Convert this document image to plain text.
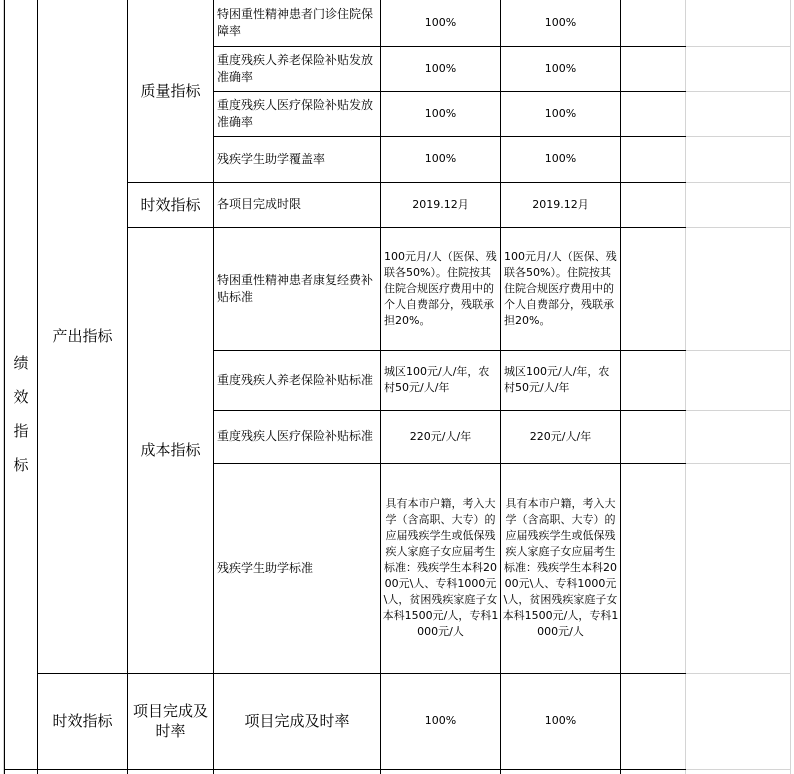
绩
效
指
标	产出指标	质量指标	特困重性精神患者门诊住院保障率	100%	100%		
			重度残疾人养老保险补贴发放准确率	100%	100%		
			重度残疾人医疗保险补贴发放准确率	100%	100%		
			残疾学生助学覆盖率	100%	100%		
		时效指标	各项目完成时限	2019.12月	2019.12月		
		成本指标	特困重性精神患者康复经费补贴标准	100元月/人（医保、残联各50%）。住院按其住院合规医疗费用中的个人自费部分，残联承担20%。	100元月/人（医保、残联各50%）。住院按其住院合规医疗费用中的个人自费部分，残联承担20%。		
			重度残疾人养老保险补贴标准	城区100元/人/年，农村50元/人/年	城区100元/人/年，农村50元/人/年		
			重度残疾人医疗保险补贴标准	220元/人/年	220元/人/年		
			残疾学生助学标准	具有本市户籍，考入大学（含高职、大专）的应届残疾学生或低保残疾人家庭子女应届考生标准：残疾学生本科2000元\人、专科1000元\人，贫困残疾家庭子女本科1500元/人，专科1000元/人	具有本市户籍，考入大学（含高职、大专）的应届残疾学生或低保残疾人家庭子女应届考生标准：残疾学生本科2000元\人、专科1000元\人，贫困残疾家庭子女本科1500元/人，专科1000元/人		
	时效指标	项目完成及时率	项目完成及时率	100%	100%		
